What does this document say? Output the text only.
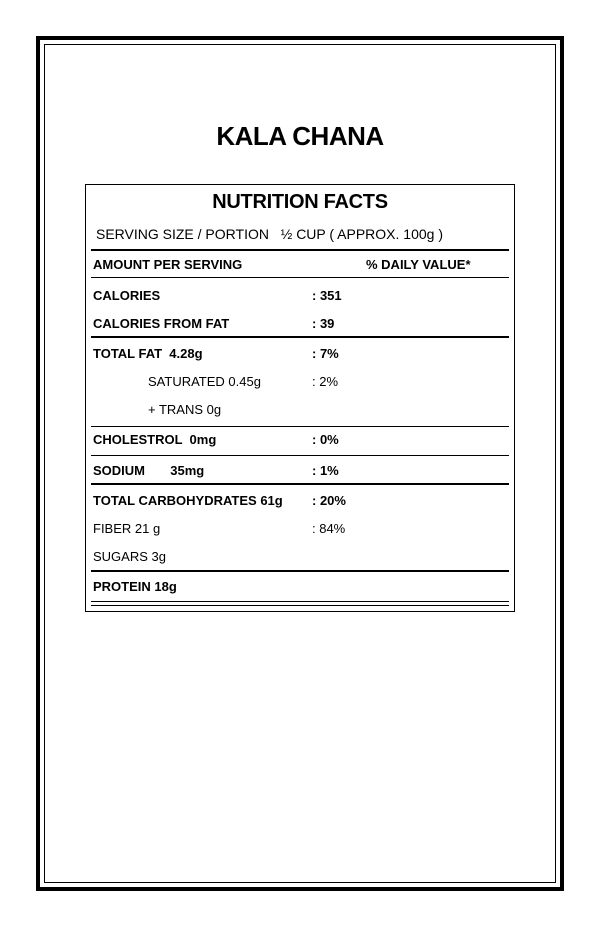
KALA CHANA
NUTRITION FACTS
SERVING SIZE / PORTION   ½ CUP ( APPROX. 100g )
AMOUNT PER SERVING	% DAILY VALUE*
CALORIES	: 351
CALORIES FROM FAT	: 39
TOTAL FAT  4.28g	: 7%
SATURATED 0.45g	: 2%
+ TRANS 0g
CHOLESTROL  0mg	: 0%
SODIUM       35mg	: 1%
TOTAL CARBOHYDRATES 61g : 20%
FIBER 21 g	: 84%
SUGARS 3g
PROTEIN 18g
